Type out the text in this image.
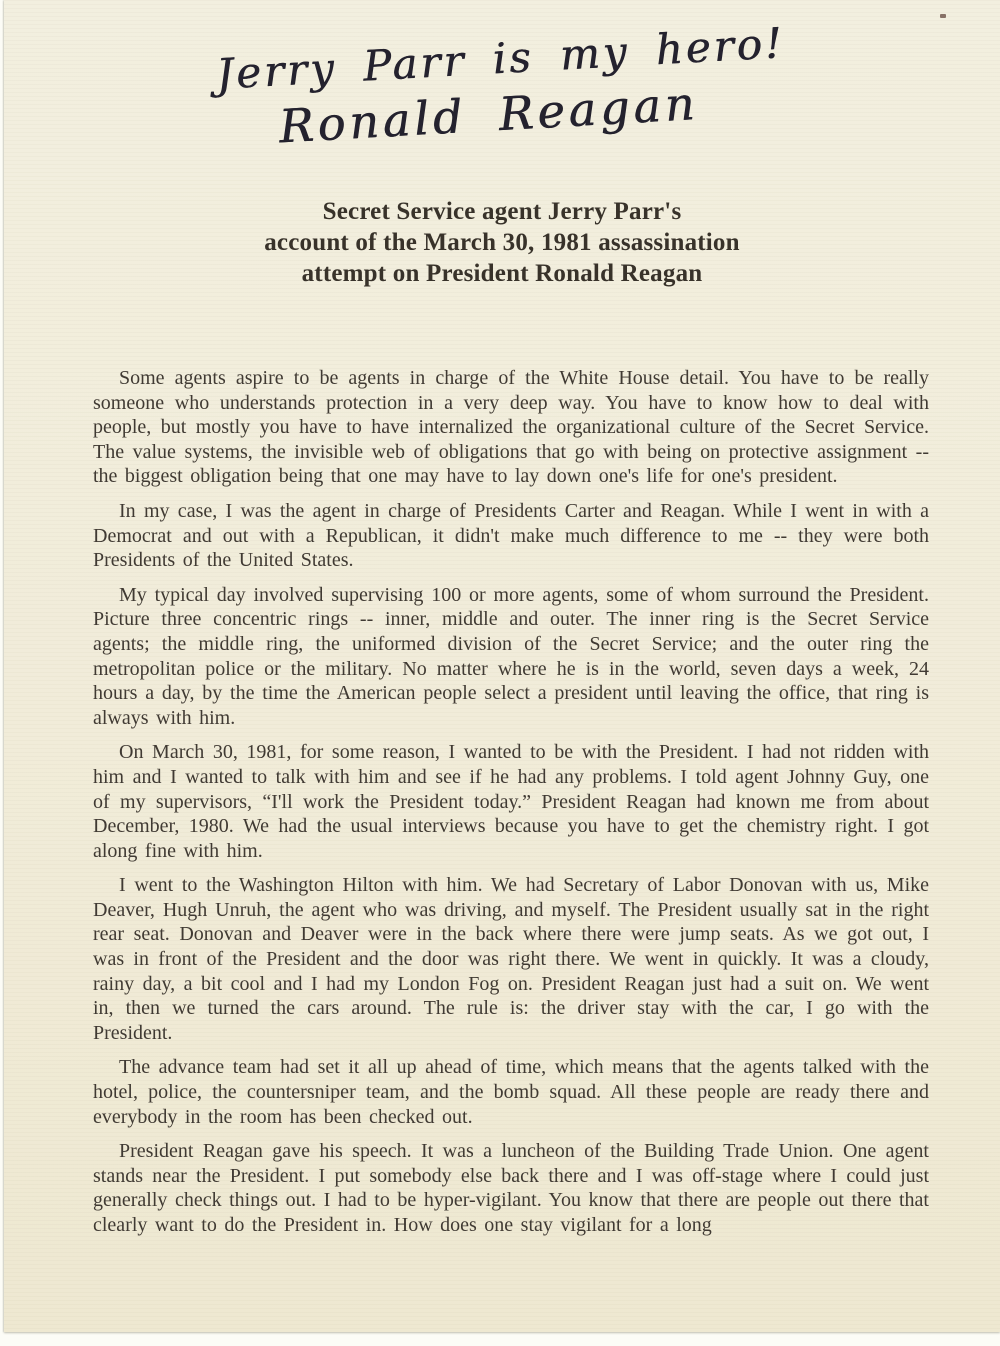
Jerry Parr is my hero!
Ronald Reagan
Secret Service agent Jerry Parr's
account of the March 30, 1981 assassination
attempt on President Ronald Reagan

Some agents aspire to be agents in charge of the White House detail. You have to be really someone who understands protection in a very deep way. You have to know how to deal with people, but mostly you have to have internalized the organizational culture of the Secret Service. The value systems, the invisible web of obligations that go with being on protective assignment -- the biggest obligation being that one may have to lay down one's life for one's president.

In my case, I was the agent in charge of Presidents Carter and Reagan. While I went in with a Democrat and out with a Republican, it didn't make much difference to me -- they were both Presidents of the United States.

My typical day involved supervising 100 or more agents, some of whom surround the President. Picture three concentric rings -- inner, middle and outer. The inner ring is the Secret Service agents; the middle ring, the uniformed division of the Secret Service; and the outer ring the metropolitan police or the military. No matter where he is in the world, seven days a week, 24 hours a day, by the time the American people select a president until leaving the office, that ring is always with him.

On March 30, 1981, for some reason, I wanted to be with the President. I had not ridden with him and I wanted to talk with him and see if he had any problems. I told agent Johnny Guy, one of my supervisors, “I'll work the President today.” President Reagan had known me from about December, 1980. We had the usual interviews because you have to get the chemistry right. I got along fine with him.

I went to the Washington Hilton with him. We had Secretary of Labor Donovan with us, Mike Deaver, Hugh Unruh, the agent who was driving, and myself. The President usually sat in the right rear seat. Donovan and Deaver were in the back where there were jump seats. As we got out, I was in front of the President and the door was right there. We went in quickly. It was a cloudy, rainy day, a bit cool and I had my London Fog on. President Reagan just had a suit on. We went in, then we turned the cars around. The rule is: the driver stay with the car, I go with the President.

The advance team had set it all up ahead of time, which means that the agents talked with the hotel, police, the countersniper team, and the bomb squad. All these people are ready there and everybody in the room has been checked out.

President Reagan gave his speech. It was a luncheon of the Building Trade Union. One agent stands near the President. I put somebody else back there and I was off-stage where I could just generally check things out. I had to be hyper-vigilant. You know that there are people out there that clearly want to do the President in. How does one stay vigilant for a long
